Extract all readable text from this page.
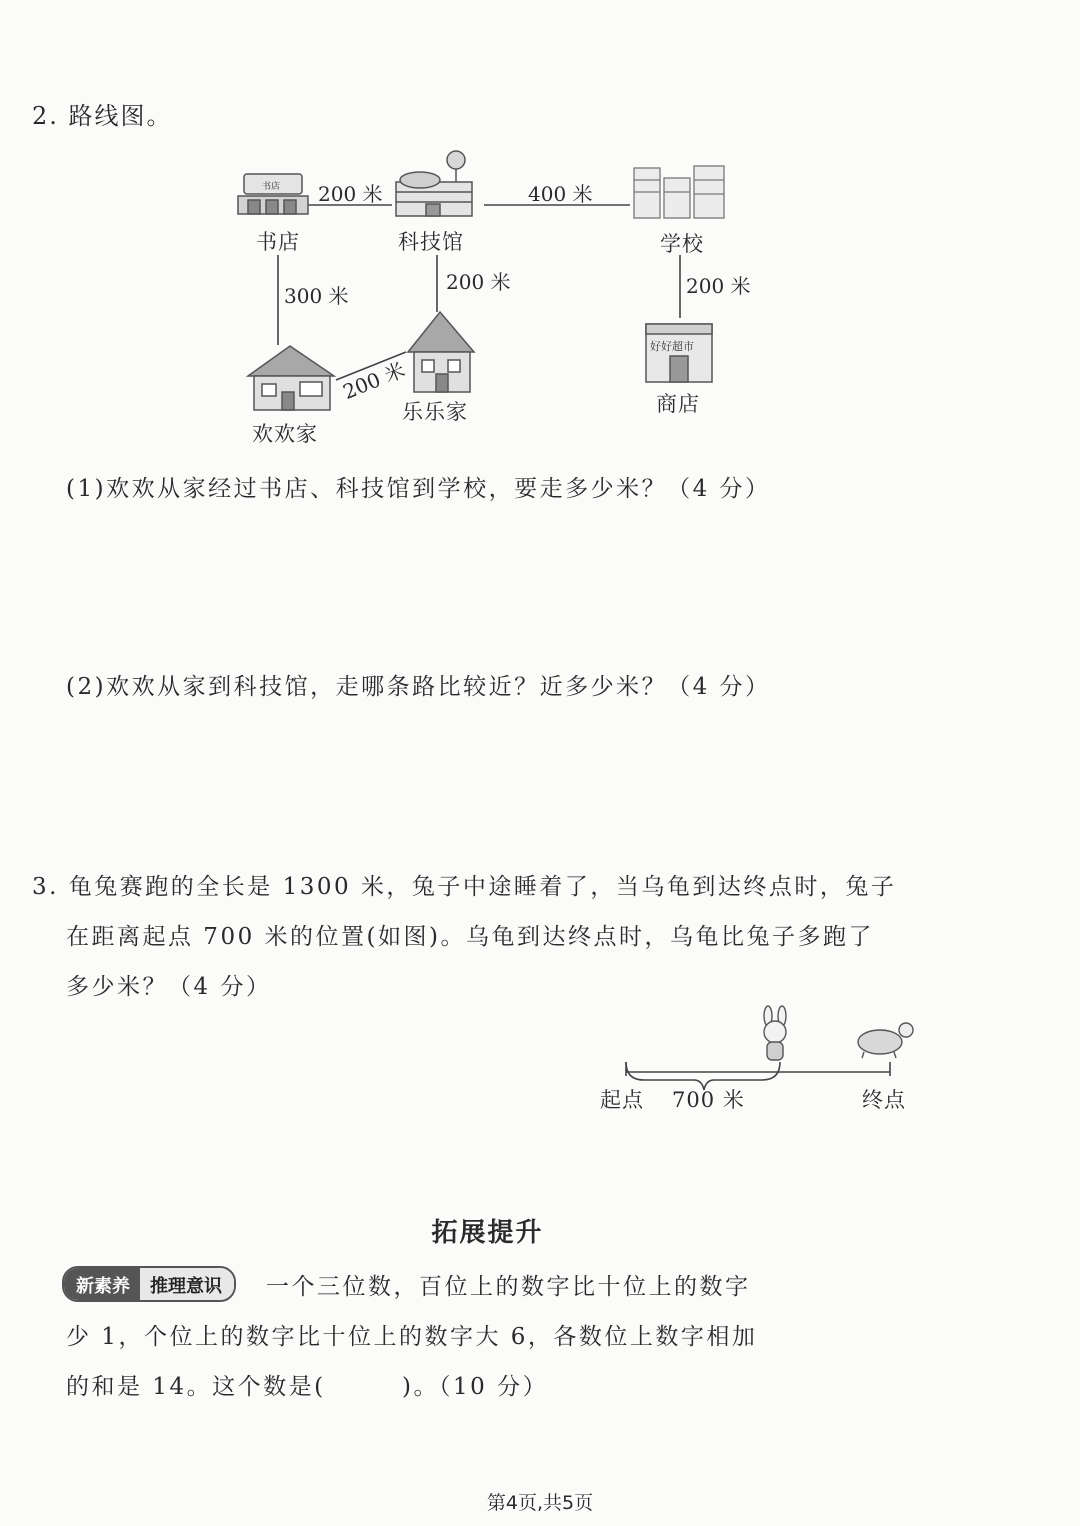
书店
好好超市
2. 路线图。
书店	科技馆	学校
欢欢家
乐乐家	商店
200 米	400 米
300 米
200 米	200 米
200 米
(1)欢欢从家经过书店、科技馆到学校，要走多少米？（4 分）
(2)欢欢从家到科技馆，走哪条路比较近？近多少米？（4 分）
3. 龟兔赛跑的全长是 1300 米，兔子中途睡着了，当乌龟到达终点时，兔子
在距离起点 700 米的位置(如图)。乌龟到达终点时，乌龟比兔子多跑了
多少米？（4 分）
起点 700 米	终点
拓展提升
新素养	推理意识	一个三位数，百位上的数字比十位上的数字
少 1，个位上的数字比十位上的数字大 6，各数位上数字相加
的和是 14。这个数是(　　　)。（10 分）
第4页,共5页
